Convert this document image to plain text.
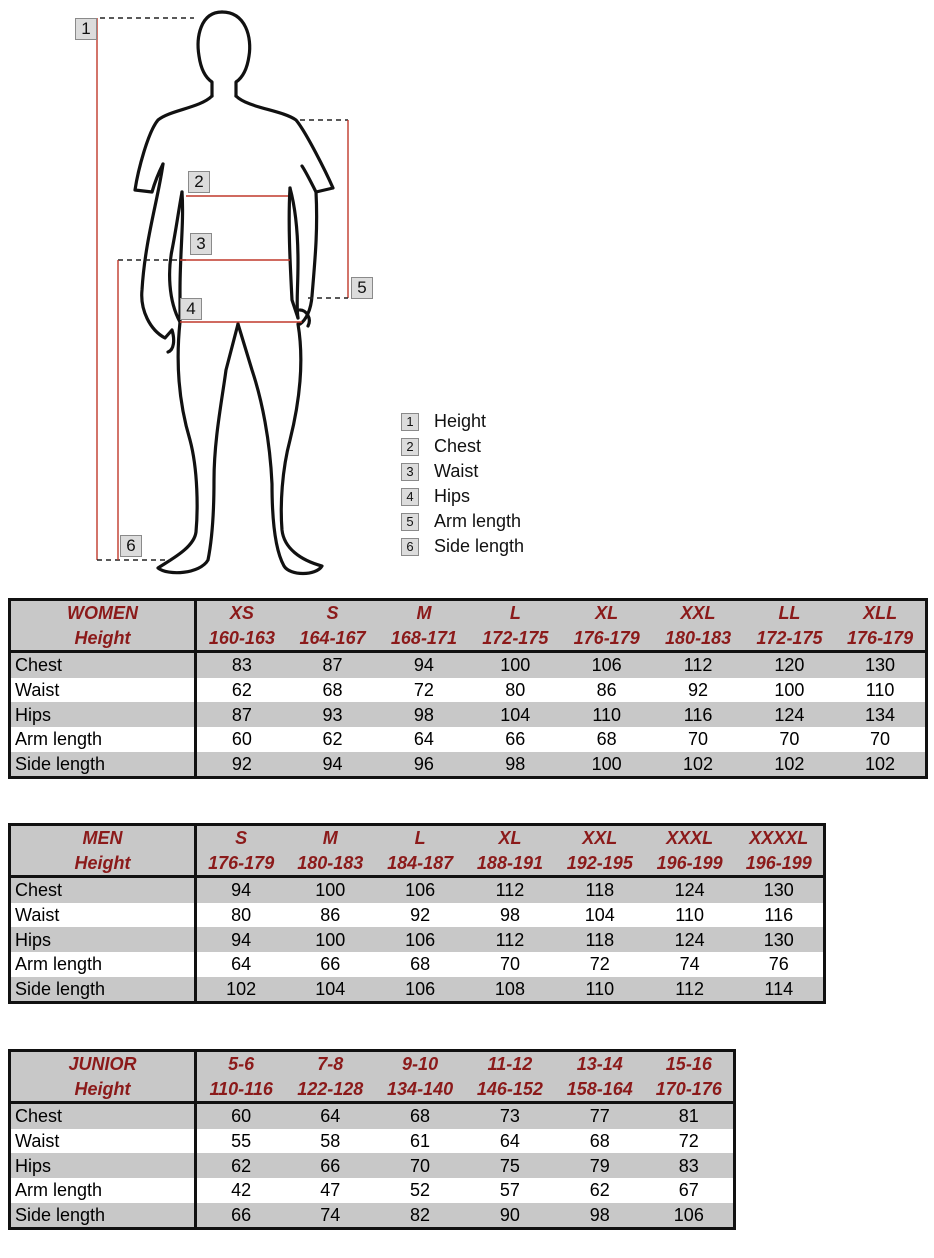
1
2
3
4
5
6
1 Height
2 Chest
3 Waist
4 Hips
5 Arm length
6 Side length
WOMEN	XS	S	M	L	XL	XXL	LL	XLL
Height	160-163	164-167	168-171	172-175	176-179	180-183	172-175	176-179
Chest	83	87	94	100	106	112	120	130
Waist	62	68	72	80	86	92	100	110
Hips	87	93	98	104	110	116	124	134
Arm length	60	62	64	66	68	70	70	70
Side length	92	94	96	98	100	102	102	102
MEN	S	M	L	XL	XXL	XXXL	XXXXL
Height	176-179	180-183	184-187	188-191	192-195	196-199	196-199
Chest	94	100	106	112	118	124	130
Waist	80	86	92	98	104	110	116
Hips	94	100	106	112	118	124	130
Arm length	64	66	68	70	72	74	76
Side length	102	104	106	108	110	112	114
JUNIOR	5-6	7-8	9-10	11-12	13-14	15-16
Height	110-116	122-128	134-140	146-152	158-164	170-176
Chest	60	64	68	73	77	81
Waist	55	58	61	64	68	72
Hips	62	66	70	75	79	83
Arm length	42	47	52	57	62	67
Side length	66	74	82	90	98	106
